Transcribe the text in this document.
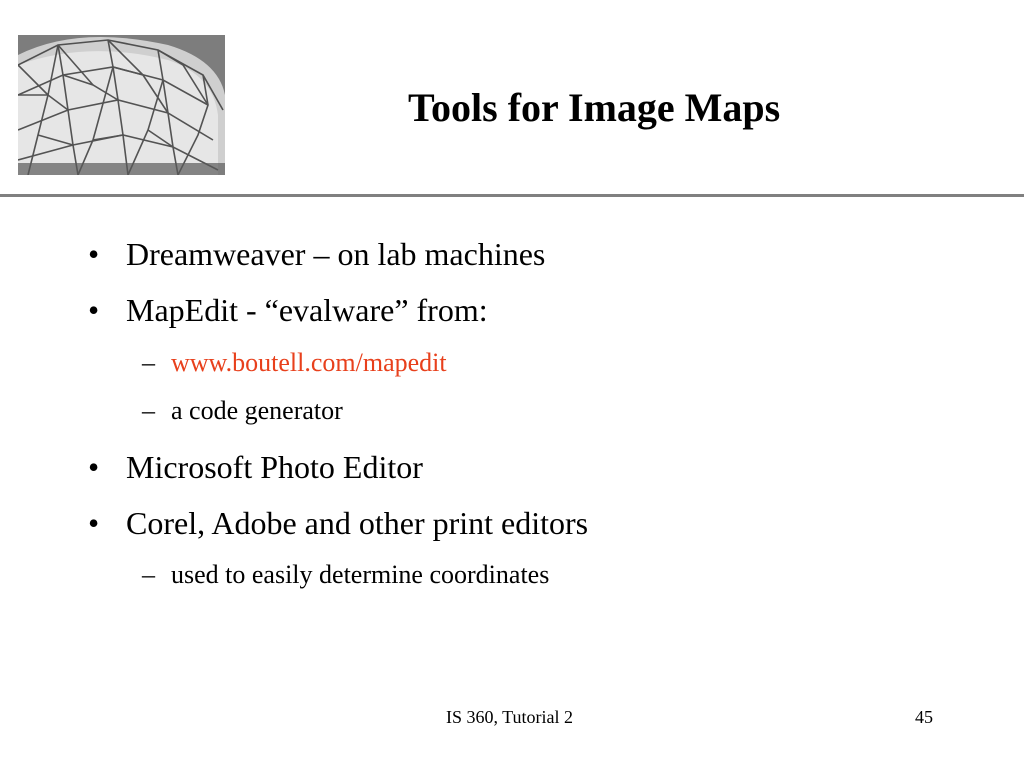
Tools for Image Maps
• Dreamweaver – on lab machines
• MapEdit - “evalware” from:
– www.boutell.com/mapedit
– a code generator
• Microsoft Photo Editor
• Corel, Adobe and other print editors
– used to easily determine coordinates
IS 360, Tutorial 2	45
